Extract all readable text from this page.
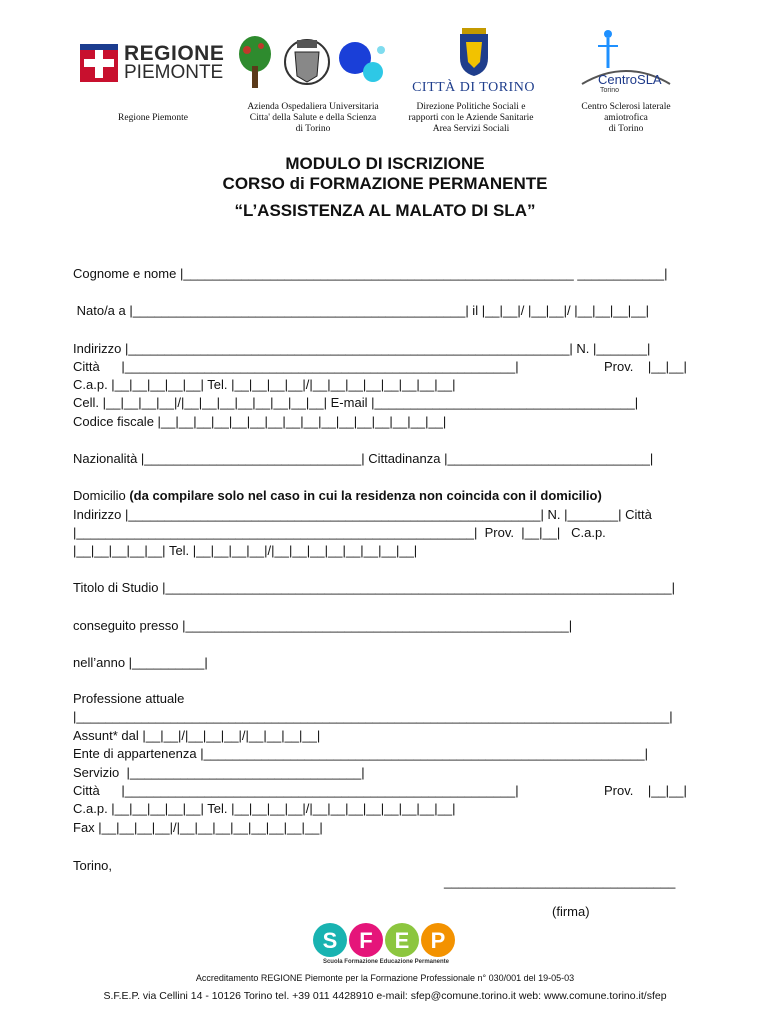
REGIONE
PIEMONTE
Regione Piemonte
Azienda Ospedaliera Universitaria
Citta' della Salute e della Scienza
di Torino
CITTÀ DI TORINO
Direzione Politiche Sociali e
rapporti con le Aziende Sanitarie
Area Servizi Sociali
CentroSLA
Torino
Centro Sclerosi laterale
amiotrofica
di Torino
MODULO DI ISCRIZIONE
CORSO di FORMAZIONE PERMANENTE
“L’ASSISTENZA AL MALATO DI SLA”
Cognome e nome |______________________________________________________ ____________|
Nato/a a |______________________________________________| il |__|__|/ |__|__|/ |__|__|__|__|
Indirizzo |_____________________________________________________________| N. |_______|
Città      |______________________________________________________|	Prov.    |__|__|
C.a.p. |__|__|__|__|__| Tel. |__|__|__|__|/|__|__|__|__|__|__|__|__|
Cell. |__|__|__|__|/|__|__|__|__|__|__|__|__| E-mail |____________________________________|
Codice fiscale |__|__|__|__|__|__|__|__|__|__|__|__|__|__|__|__|
Nazionalità |______________________________| Cittadinanza |____________________________|
Domicilio (da compilare solo nel caso in cui la residenza non coincida con il domicilio)
Indirizzo |_________________________________________________________| N. |_______| Città
|_______________________________________________________|  Prov.  |__|__|   C.a.p.
|__|__|__|__|__| Tel. |__|__|__|__|/|__|__|__|__|__|__|__|__|
Titolo di Studio |______________________________________________________________________|
conseguito presso |_____________________________________________________|
nell’anno |__________|
Professione attuale
|__________________________________________________________________________________|
Assunt* dal |__|__|/|__|__|__|/|__|__|__|__|
Ente di appartenenza |_____________________________________________________________|
Servizio  |________________________________|
Città      |______________________________________________________|	Prov.    |__|__|
C.a.p. |__|__|__|__|__| Tel. |__|__|__|__|/|__|__|__|__|__|__|__|__|
Fax |__|__|__|__|/|__|__|__|__|__|__|__|__|
Torino,
________________________________
(firma)
S F E P
Scuola Formazione Educazione Permanente
Accreditamento REGIONE Piemonte per la Formazione Professionale n° 030/001 del 19-05-03
S.F.E.P. via Cellini 14 - 10126 Torino tel. +39 011 4428910 e-mail: sfep@comune.torino.it web: www.comune.torino.it/sfep
